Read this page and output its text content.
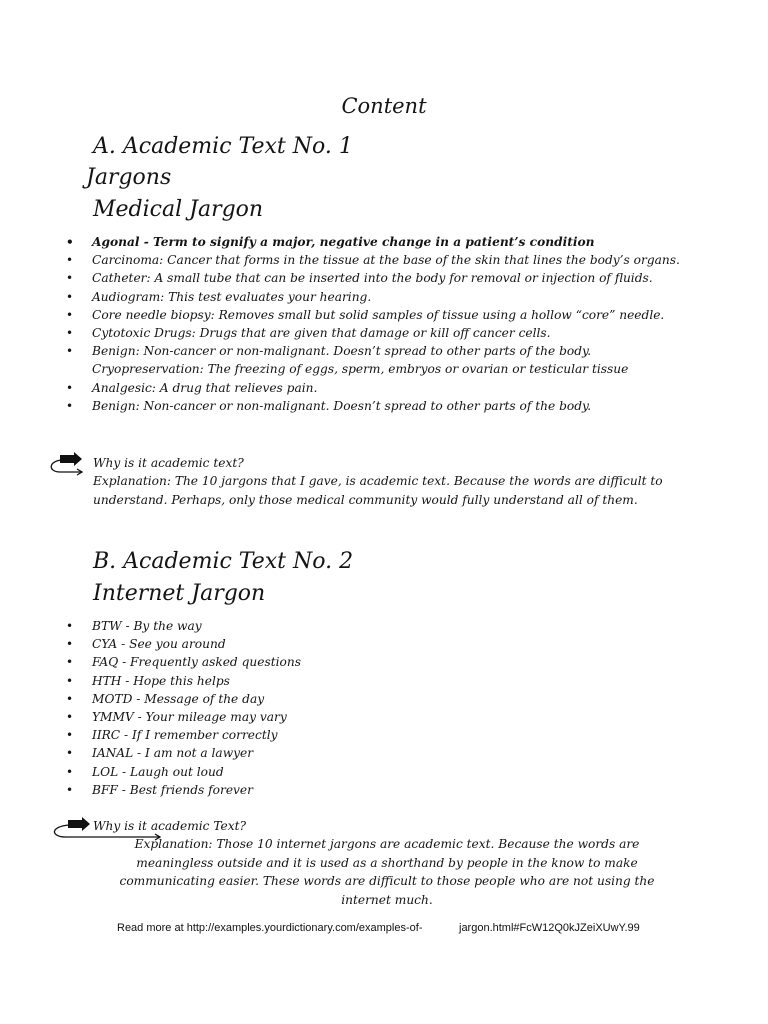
Content
A. Academic Text No. 1
Jargons
Medical Jargon
• Agonal - Term to signify a major, negative change in a patient’s condition
• Carcinoma: Cancer that forms in the tissue at the base of the skin that lines the body’s organs.
• Catheter: A small tube that can be inserted into the body for removal or injection of fluids.
• Audiogram: This test evaluates your hearing.
• Core needle biopsy: Removes small but solid samples of tissue using a hollow “core” needle.
• Cytotoxic Drugs: Drugs that are given that damage or kill off cancer cells.
• Benign: Non-cancer or non-malignant. Doesn’t spread to other parts of the body.
Cryopreservation: The freezing of eggs, sperm, embryos or ovarian or testicular tissue
• Analgesic: A drug that relieves pain.
• Benign: Non-cancer or non-malignant. Doesn’t spread to other parts of the body.
Why is it academic text?
Explanation: The 10 jargons that I gave, is academic text. Because the words are difficult to understand. Perhaps, only those medical community would fully understand all of them.
B. Academic Text No. 2
Internet Jargon
• BTW - By the way
• CYA - See you around
• FAQ - Frequently asked questions
• HTH - Hope this helps
• MOTD - Message of the day
• YMMV - Your mileage may vary
• IIRC - If I remember correctly
• IANAL - I am not a lawyer
• LOL - Laugh out loud
• BFF - Best friends forever
Why is it academic Text?
Explanation: Those 10 internet jargons are academic text. Because the words are meaningless outside and it is used as a shorthand by people in the know to make communicating easier. These words are difficult to those people who are not using the internet much.
Read more at http://examples.yourdictionary.com/examples-of-	jargon.html#FcW12Q0kJZeiXUwY.99
